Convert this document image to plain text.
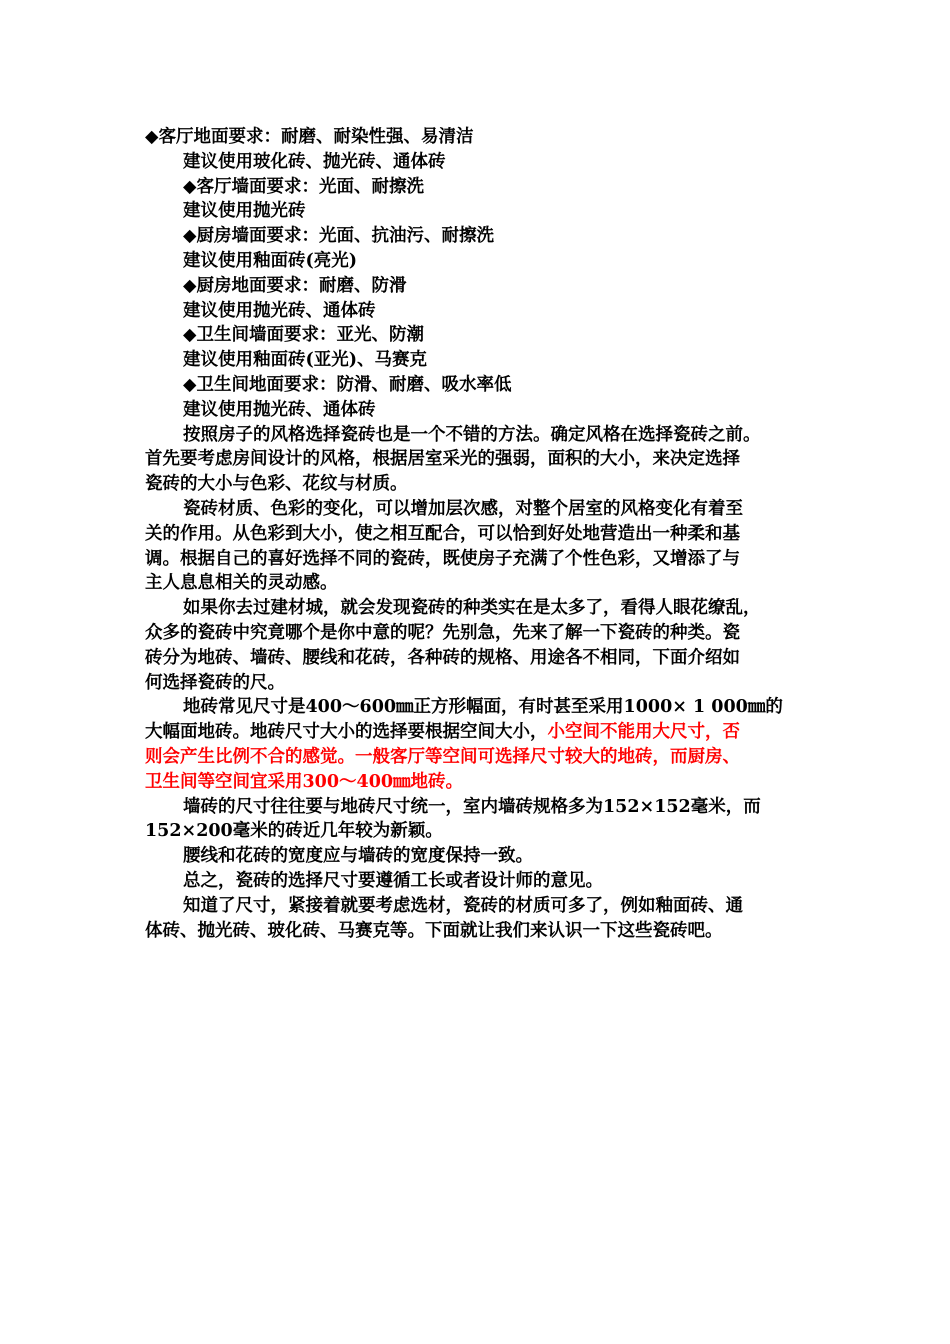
◆客厅地面要求：耐磨、耐染性强、易清洁
建议使用玻化砖、抛光砖、通体砖
◆客厅墙面要求：光面、耐擦洗
建议使用抛光砖
◆厨房墙面要求：光面、抗油污、耐擦洗
建议使用釉面砖(亮光)
◆厨房地面要求：耐磨、防滑
建议使用抛光砖、通体砖
◆卫生间墙面要求：亚光、防潮
建议使用釉面砖(亚光)、马赛克
◆卫生间地面要求：防滑、耐磨、吸水率低
建议使用抛光砖、通体砖
按照房子的风格选择瓷砖也是一个不错的方法。确定风格在选择瓷砖之前。
首先要考虑房间设计的风格，根据居室采光的强弱，面积的大小，来决定选择
瓷砖的大小与色彩、花纹与材质。
瓷砖材质、色彩的变化，可以增加层次感，对整个居室的风格变化有着至
关的作用。从色彩到大小，使之相互配合，可以恰到好处地营造出一种柔和基
调。根据自己的喜好选择不同的瓷砖，既使房子充满了个性色彩，又增添了与
主人息息相关的灵动感。
如果你去过建材城，就会发现瓷砖的种类实在是太多了，看得人眼花缭乱，
众多的瓷砖中究竟哪个是你中意的呢？先别急，先来了解一下瓷砖的种类。瓷
砖分为地砖、墙砖、腰线和花砖，各种砖的规格、用途各不相同，下面介绍如
何选择瓷砖的尺。
地砖常见尺寸是400～600㎜正方形幅面，有时甚至采用1000× 1 000㎜的
大幅面地砖。地砖尺寸大小的选择要根据空间大小，小空间不能用大尺寸，否
则会产生比例不合的感觉。一般客厅等空间可选择尺寸较大的地砖，而厨房、
卫生间等空间宜采用300～400㎜地砖。
墙砖的尺寸往往要与地砖尺寸统一，室内墙砖规格多为152×152毫米，而
152×200毫米的砖近几年较为新颖。
腰线和花砖的宽度应与墙砖的宽度保持一致。
总之，瓷砖的选择尺寸要遵循工长或者设计师的意见。
知道了尺寸，紧接着就要考虑选材，瓷砖的材质可多了，例如釉面砖、通
体砖、抛光砖、玻化砖、马赛克等。下面就让我们来认识一下这些瓷砖吧。
